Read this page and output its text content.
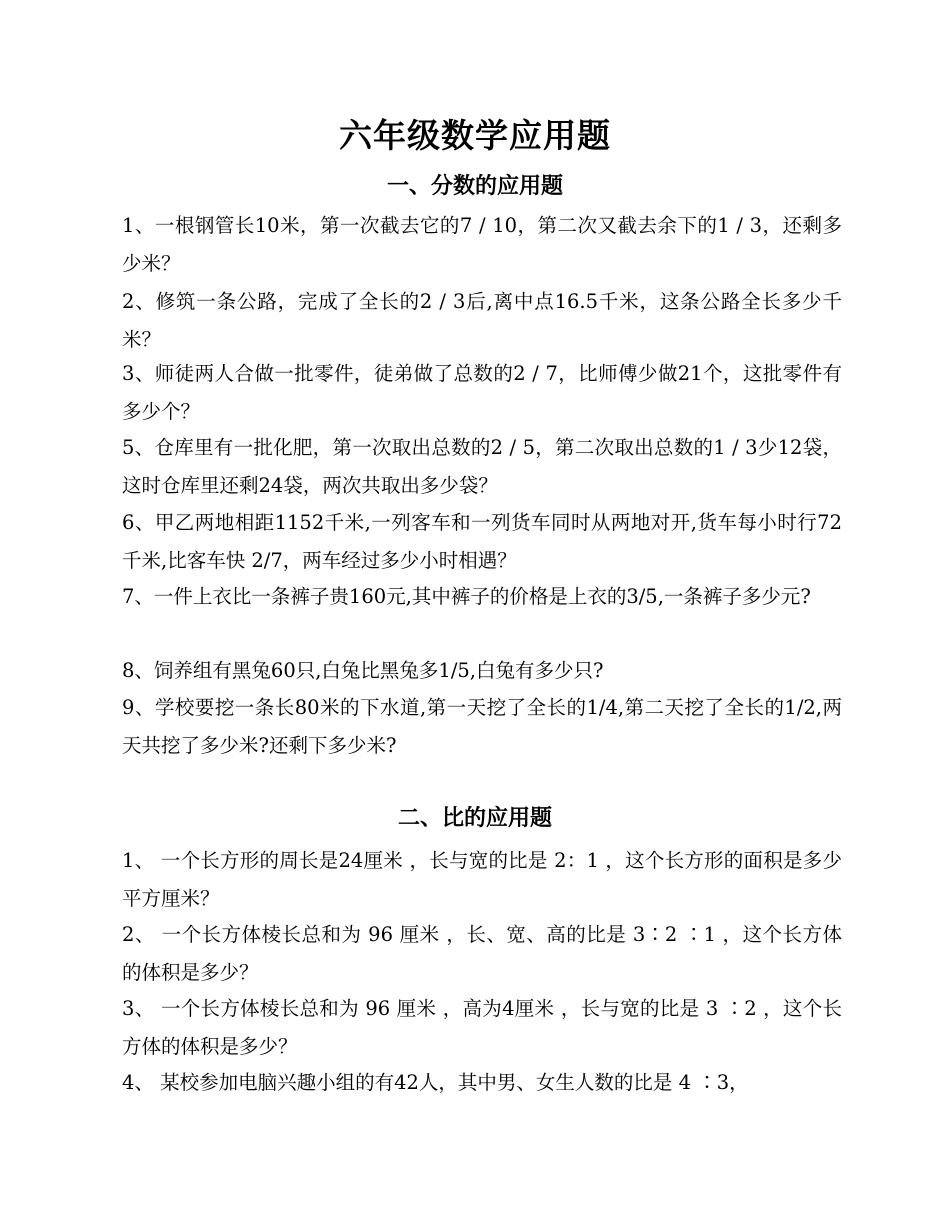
六年级数学应用题
一、分数的应用题
1、一根钢管长10米，第一次截去它的7 / 10，第二次又截去余下的1 / 3，还剩多少米？
2、修筑一条公路，完成了全长的2 / 3后,离中点16.5千米，这条公路全长多少千米？
3、师徒两人合做一批零件，徒弟做了总数的2 / 7，比师傅少做21个，这批零件有多少个？
5、仓库里有一批化肥，第一次取出总数的2 / 5，第二次取出总数的1 / 3少12袋，这时仓库里还剩24袋，两次共取出多少袋？
6、甲乙两地相距1152千米,一列客车和一列货车同时从两地对开,货车每小时行72千米,比客车快 2/7，两车经过多少小时相遇？
7、一件上衣比一条裤子贵160元,其中裤子的价格是上衣的3/5,一条裤子多少元?
8、饲养组有黑兔60只,白兔比黑兔多1/5,白兔有多少只?
9、学校要挖一条长80米的下水道,第一天挖了全长的1/4,第二天挖了全长的1/2,两天共挖了多少米?还剩下多少米?
二、比的应用题
1、 一个长方形的周长是24厘米 ，长与宽的比是 2：1 ，这个长方形的面积是多少平方厘米？
2、 一个长方体棱长总和为 96 厘米 ，长、宽、高的比是 3∶2 ∶1 ，这个长方体的体积是多少？
3、 一个长方体棱长总和为 96 厘米 ，高为4厘米 ，长与宽的比是 3 ∶2 ，这个长方体的体积是多少？
4、 某校参加电脑兴趣小组的有42人，其中男、女生人数的比是 4 ∶3，
